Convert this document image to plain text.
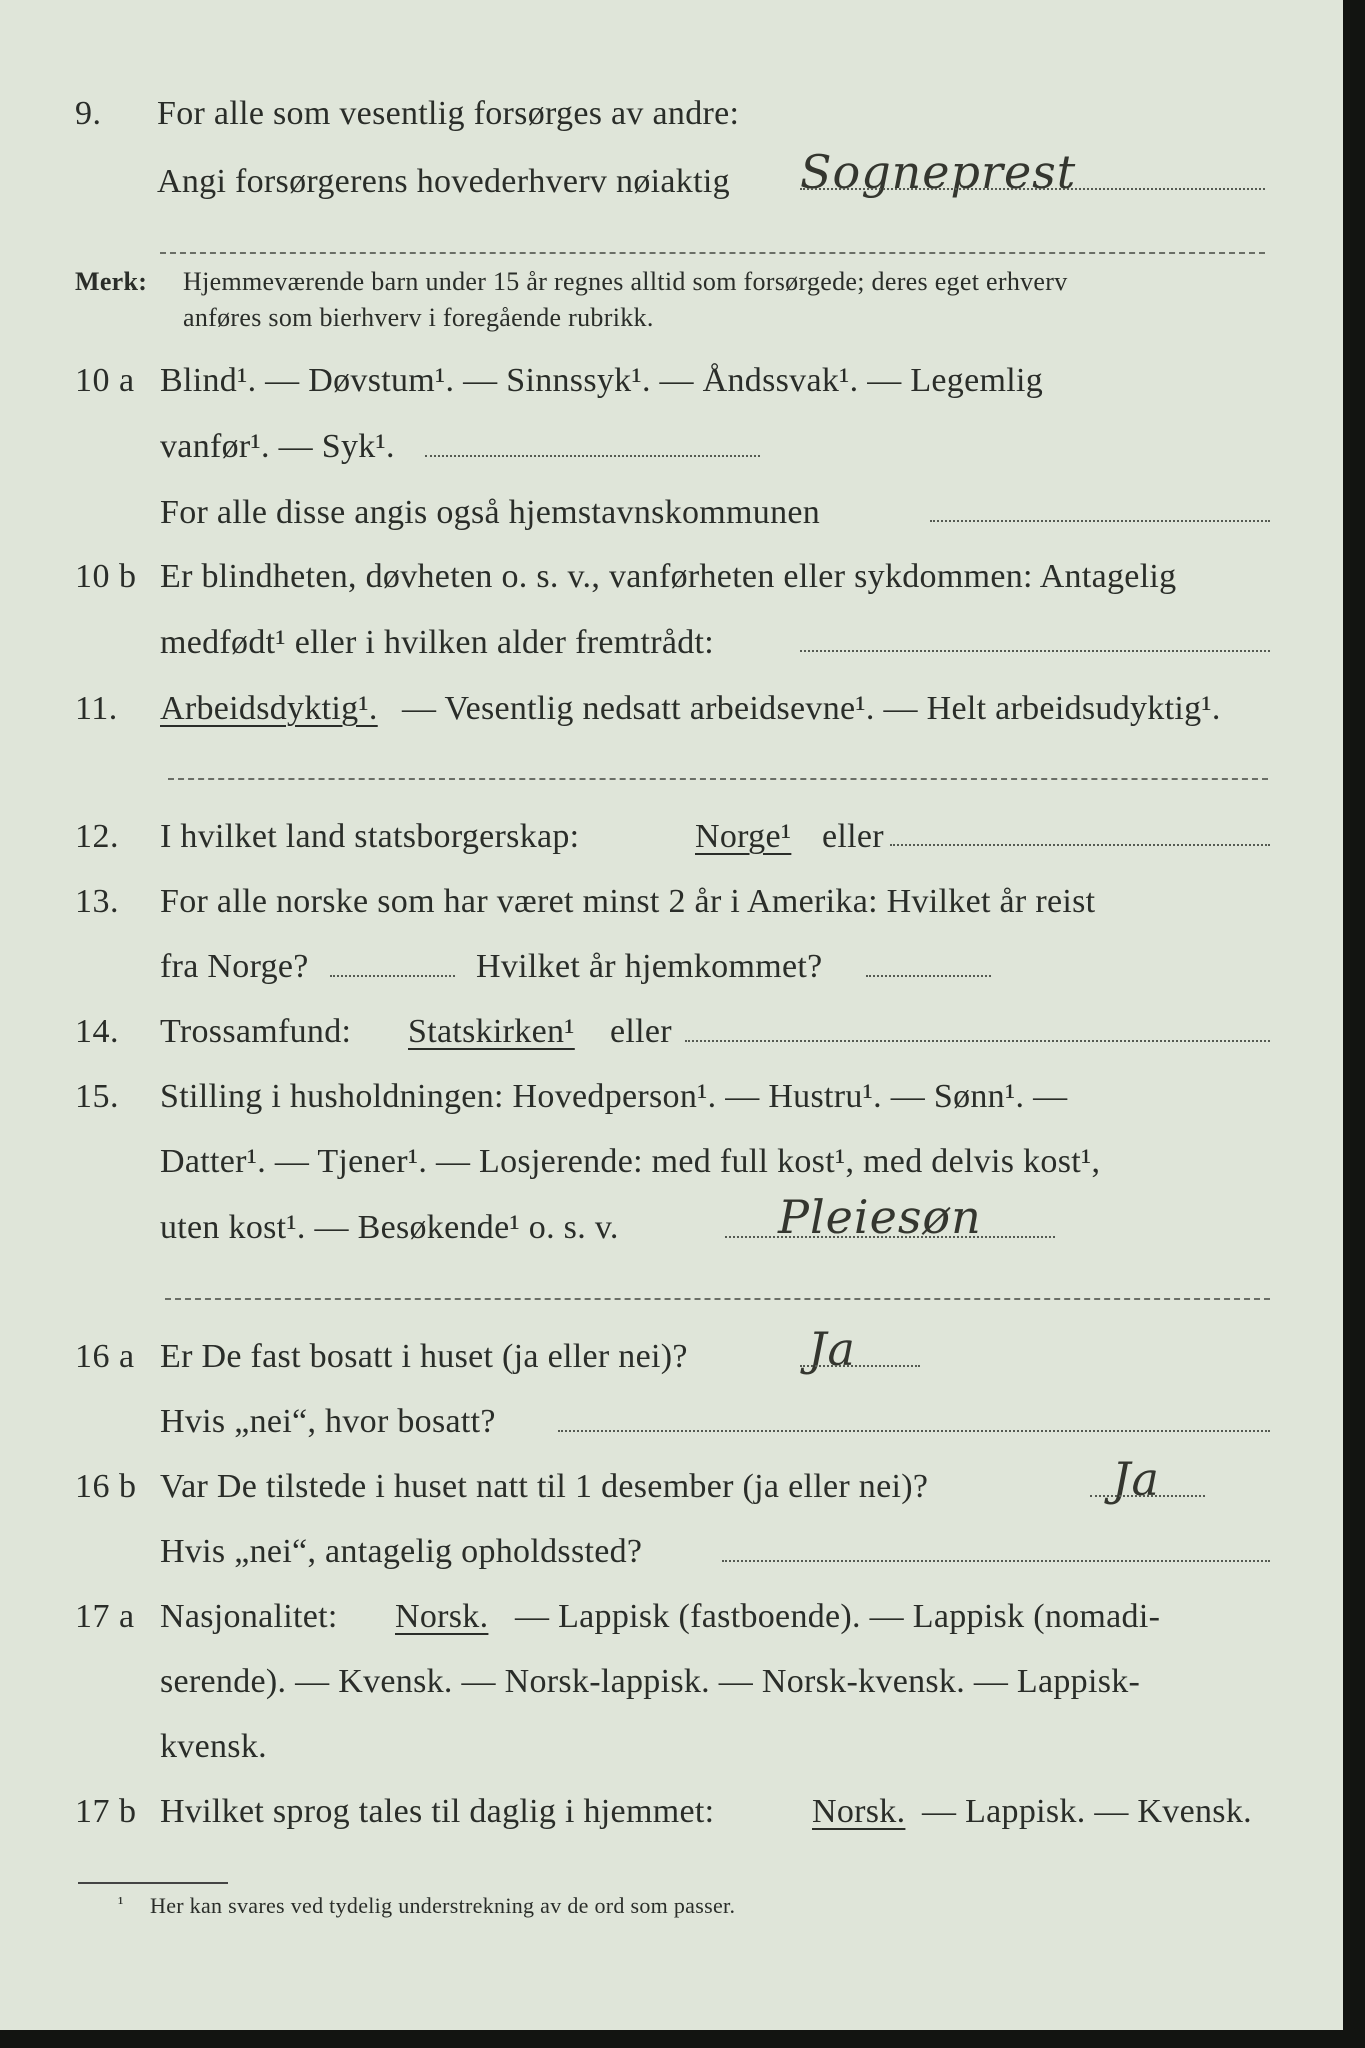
9. For alle som vesentlig forsørges av andre:
Angi forsørgerens hovederhverv nøiaktig Sogneprest
Merk: Hjemmeværende barn under 15 år regnes alltid som forsørgede; deres eget erhverv
anføres som bierhverv i foregående rubrikk.
10 a Blind¹. — Døvstum¹. — Sinnssyk¹. — Åndssvak¹. — Legemlig
vanfør¹. — Syk¹.
For alle disse angis også hjemstavnskommunen
10 b Er blindheten, døvheten o. s. v., vanførheten eller sykdommen: Antagelig
medfødt¹ eller i hvilken alder fremtrådt:
11. Arbeidsdyktig¹. — Vesentlig nedsatt arbeidsevne¹. — Helt arbeidsudyktig¹.
12. I hvilket land statsborgerskap:	Norge¹ eller
13. For alle norske som har været minst 2 år i Amerika: Hvilket år reist
fra Norge?	Hvilket år hjemkommet?
14. Trossamfund: Statskirken¹ eller
15. Stilling i husholdningen: Hovedperson¹. — Hustru¹. — Sønn¹. —
Datter¹. — Tjener¹. — Losjerende: med full kost¹, med delvis kost¹,
uten kost¹. — Besøkende¹ o. s. v.	Pleiesøn
16 a Er De fast bosatt i huset (ja eller nei)?	Ja
Hvis „nei“, hvor bosatt?
16 b Var De tilstede i huset natt til 1 desember (ja eller nei)?	Ja
Hvis „nei“, antagelig opholdssted?
17 a Nasjonalitet: Norsk. — Lappisk (fastboende). — Lappisk (nomadi-
serende). — Kvensk. — Norsk-lappisk. — Norsk-kvensk. — Lappisk-
kvensk.
17 b Hvilket sprog tales til daglig i hjemmet:	Norsk. — Lappisk. — Kvensk.
¹ Her kan svares ved tydelig understrekning av de ord som passer.
